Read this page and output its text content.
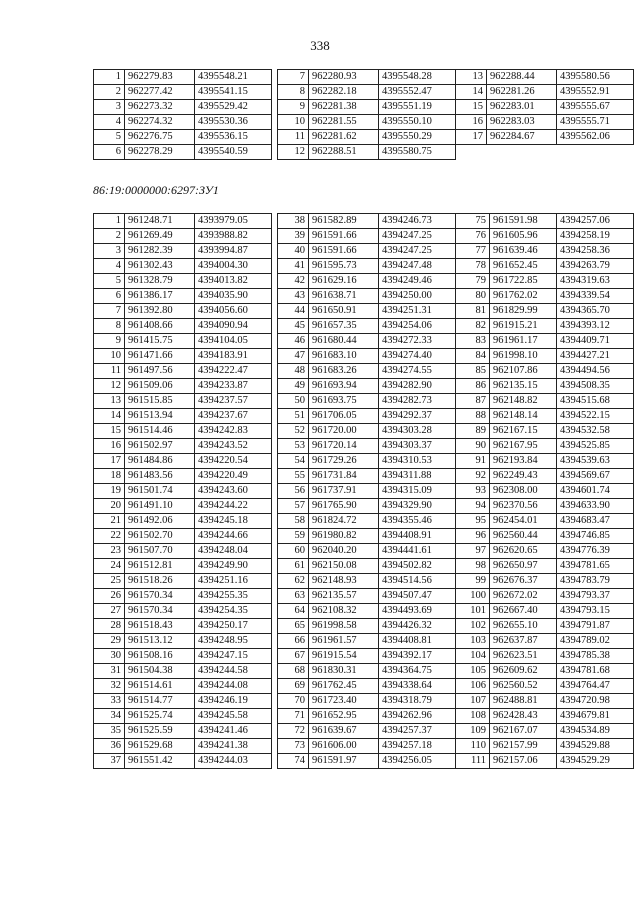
338
1	962279.83	4395548.21
2	962277.42	4395541.15
3	962273.32	4395529.42
4	962274.32	4395530.36
5	962276.75	4395536.15
6	962278.29	4395540.59
7	962280.93	4395548.28
8	962282.18	4395552.47
9	962281.38	4395551.19
10	962281.55	4395550.10
11	962281.62	4395550.29
12	962288.51	4395580.75
13	962288.44	4395580.56
14	962281.26	4395552.91
15	962283.01	4395555.67
16	962283.03	4395555.71
17	962284.67	4395562.06
86:19:0000000:6297:ЗУ1
1	961248.71	4393979.05
2	961269.49	4393988.82
3	961282.39	4393994.87
4	961302.43	4394004.30
5	961328.79	4394013.82
6	961386.17	4394035.90
7	961392.80	4394056.60
8	961408.66	4394090.94
9	961415.75	4394104.05
10	961471.66	4394183.91
11	961497.56	4394222.47
12	961509.06	4394233.87
13	961515.85	4394237.57
14	961513.94	4394237.67
15	961514.46	4394242.83
16	961502.97	4394243.52
17	961484.86	4394220.54
18	961483.56	4394220.49
19	961501.74	4394243.60
20	961491.10	4394244.22
21	961492.06	4394245.18
22	961502.70	4394244.66
23	961507.70	4394248.04
24	961512.81	4394249.90
25	961518.26	4394251.16
26	961570.34	4394255.35
27	961570.34	4394254.35
28	961518.43	4394250.17
29	961513.12	4394248.95
30	961508.16	4394247.15
31	961504.38	4394244.58
32	961514.61	4394244.08
33	961514.77	4394246.19
34	961525.74	4394245.58
35	961525.59	4394241.46
36	961529.68	4394241.38
37	961551.42	4394244.03
38	961582.89	4394246.73
39	961591.66	4394247.25
40	961591.66	4394247.25
41	961595.73	4394247.48
42	961629.16	4394249.46
43	961638.71	4394250.00
44	961650.91	4394251.31
45	961657.35	4394254.06
46	961680.44	4394272.33
47	961683.10	4394274.40
48	961683.26	4394274.55
49	961693.94	4394282.90
50	961693.75	4394282.73
51	961706.05	4394292.37
52	961720.00	4394303.28
53	961720.14	4394303.37
54	961729.26	4394310.53
55	961731.84	4394311.88
56	961737.91	4394315.09
57	961765.90	4394329.90
58	961824.72	4394355.46
59	961980.82	4394408.91
60	962040.20	4394441.61
61	962150.08	4394502.82
62	962148.93	4394514.56
63	962135.57	4394507.47
64	962108.32	4394493.69
65	961998.58	4394426.32
66	961961.57	4394408.81
67	961915.54	4394392.17
68	961830.31	4394364.75
69	961762.45	4394338.64
70	961723.40	4394318.79
71	961652.95	4394262.96
72	961639.67	4394257.37
73	961606.00	4394257.18
74	961591.97	4394256.05
75	961591.98	4394257.06
76	961605.96	4394258.19
77	961639.46	4394258.36
78	961652.45	4394263.79
79	961722.85	4394319.63
80	961762.02	4394339.54
81	961829.99	4394365.70
82	961915.21	4394393.12
83	961961.17	4394409.71
84	961998.10	4394427.21
85	962107.86	4394494.56
86	962135.15	4394508.35
87	962148.82	4394515.68
88	962148.14	4394522.15
89	962167.15	4394532.58
90	962167.95	4394525.85
91	962193.84	4394539.63
92	962249.43	4394569.67
93	962308.00	4394601.74
94	962370.56	4394633.90
95	962454.01	4394683.47
96	962560.44	4394746.85
97	962620.65	4394776.39
98	962650.97	4394781.65
99	962676.37	4394783.79
100	962672.02	4394793.37
101	962667.40	4394793.15
102	962655.10	4394791.87
103	962637.87	4394789.02
104	962623.51	4394785.38
105	962609.62	4394781.68
106	962560.52	4394764.47
107	962488.81	4394720.98
108	962428.43	4394679.81
109	962167.07	4394534.89
110	962157.99	4394529.88
111	962157.06	4394529.29
